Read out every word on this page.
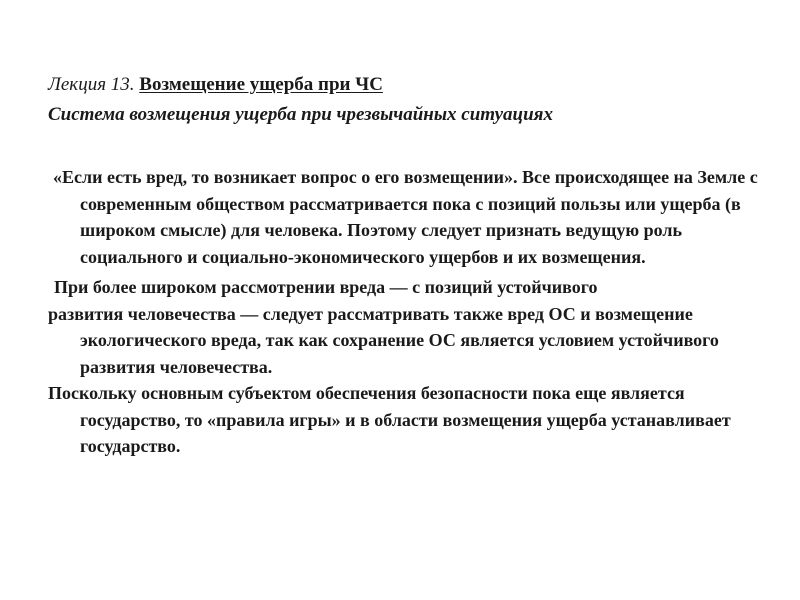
Лекция 13. Возмещение ущерба при ЧС
Система возмещения ущерба при чрезвычайных ситуациях

«Если есть вред, то возникает вопрос о его возмещении». Все происходящее на Земле с современным обществом рассматривается пока с позиций пользы или ущерба (в широком смысле) для человека. Поэтому следует признать ведущую роль социального и социально-экономического ущербов и их возмещения.

При более широком рассмотрении вреда — с позиций устойчивого

развития человечества — следует рассматривать также вред ОС и возмещение экологического вреда, так как сохранение ОС является условием устойчивого развития человечества.

Поскольку основным субъектом обеспечения безопасности пока еще является государство, то «правила игры» и в области возмещения ущерба устанавливает государство.
